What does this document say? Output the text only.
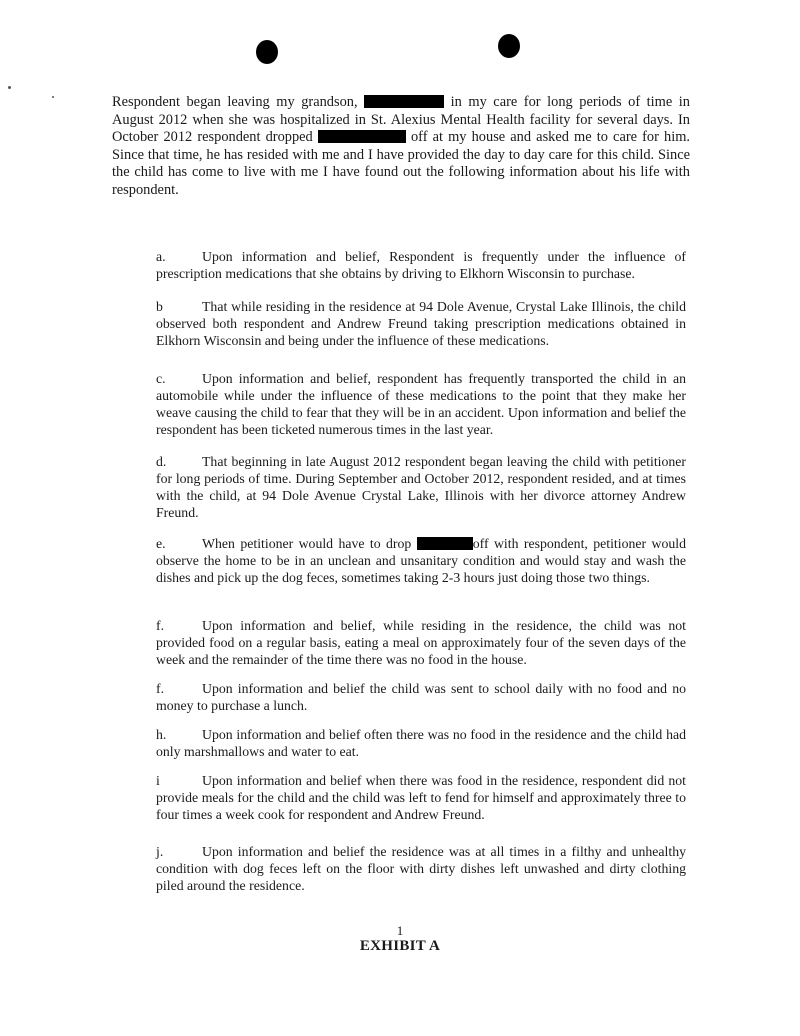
Respondent began leaving my grandson,	in my care for long periods of time in August 2012 when she was hospitalized in St. Alexius Mental Health facility for several days. In October 2012 respondent dropped	off at my house and asked me to care for him. Since that time, he has resided with me and I have provided the day to day care for this child. Since the child has come to live with me I have found out the following information about his life with respondent.
a.	Upon information and belief, Respondent is frequently under the influence of prescription medications that she obtains by driving to Elkhorn Wisconsin to purchase.
b	That while residing in the residence at 94 Dole Avenue, Crystal Lake Illinois, the child observed both respondent and Andrew Freund taking prescription medications obtained in Elkhorn Wisconsin and being under the influence of these medications.
c.	Upon information and belief, respondent has frequently transported the child in an automobile while under the influence of these medications to the point that they make her weave causing the child to fear that they will be in an accident. Upon information and belief the respondent has been ticketed numerous times in the last year.
d.	That beginning in late August 2012 respondent began leaving the child with petitioner for long periods of time. During September and October 2012, respondent resided, and at times with the child, at 94 Dole Avenue Crystal Lake, Illinois with her divorce attorney Andrew Freund.
e.	When petitioner would have to drop	off with respondent, petitioner would observe the home to be in an unclean and unsanitary condition and would stay and wash the dishes and pick up the dog feces, sometimes taking 2-3 hours just doing those two things.
f.	Upon information and belief, while residing in the residence, the child was not provided food on a regular basis, eating a meal on approximately four of the seven days of the week and the remainder of the time there was no food in the house.
f.	Upon information and belief the child was sent to school daily with no food and no money to purchase a lunch.
h.	Upon information and belief often there was no food in the residence and the child had only marshmallows and water to eat.
i	Upon information and belief when there was food in the residence, respondent did not provide meals for the child and the child was left to fend for himself and approximately three to four times a week cook for respondent and Andrew Freund.
j.	Upon information and belief the residence was at all times in a filthy and unhealthy condition with dog feces left on the floor with dirty dishes left unwashed and dirty clothing piled around the residence.
1
EXHIBIT A
